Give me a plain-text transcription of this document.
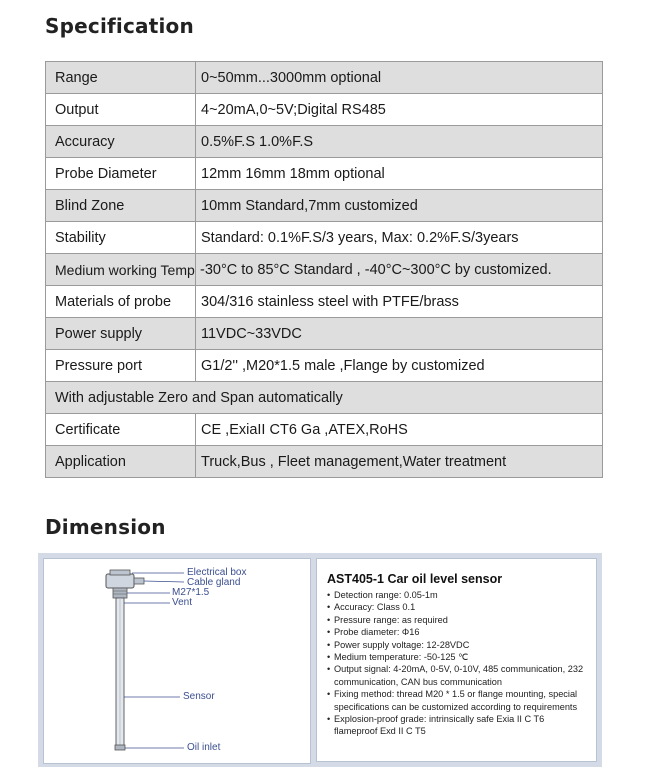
Specification
Range	0~50mm...3000mm optional
Output	4~20mA,0~5V;Digital RS485
Accuracy	0.5%F.S 1.0%F.S
Probe Diameter	12mm 16mm 18mm optional
Blind Zone	10mm Standard,7mm customized
Stability	Standard: 0.1%F.S/3 years, Max: 0.2%F.S/3years
Medium working Temp	-30°C to 85°C Standard , -40°C~300°C by customized.
Materials of probe	304/316 stainless steel with PTFE/brass
Power supply	11VDC~33VDC
Pressure port	G1/2'' ,M20*1.5 male ,Flange by customized
With adjustable Zero and Span automatically	
Certificate	CE ,ExiaII CT6 Ga ,ATEX,RoHS
Application	Truck,Bus , Fleet management,Water treatment
Dimension
Electrical box
Cable gland
M27*1.5
Vent
Sensor
Oil inlet
AST405-1 Car oil level sensor
• Detection range: 0.05-1m
• Accuracy: Class 0.1
• Pressure range: as required
• Probe diameter: Φ16
• Power supply voltage: 12-28VDC
• Medium temperature: -50-125 ℃
• Output signal: 4-20mA, 0-5V, 0-10V, 485 communication, 232 communication, CAN bus communication
• Fixing method: thread M20 * 1.5 or flange mounting, special specifications can be customized according to requirements
• Explosion-proof grade: intrinsically safe Exia II C T6 flameproof Exd II C T5
